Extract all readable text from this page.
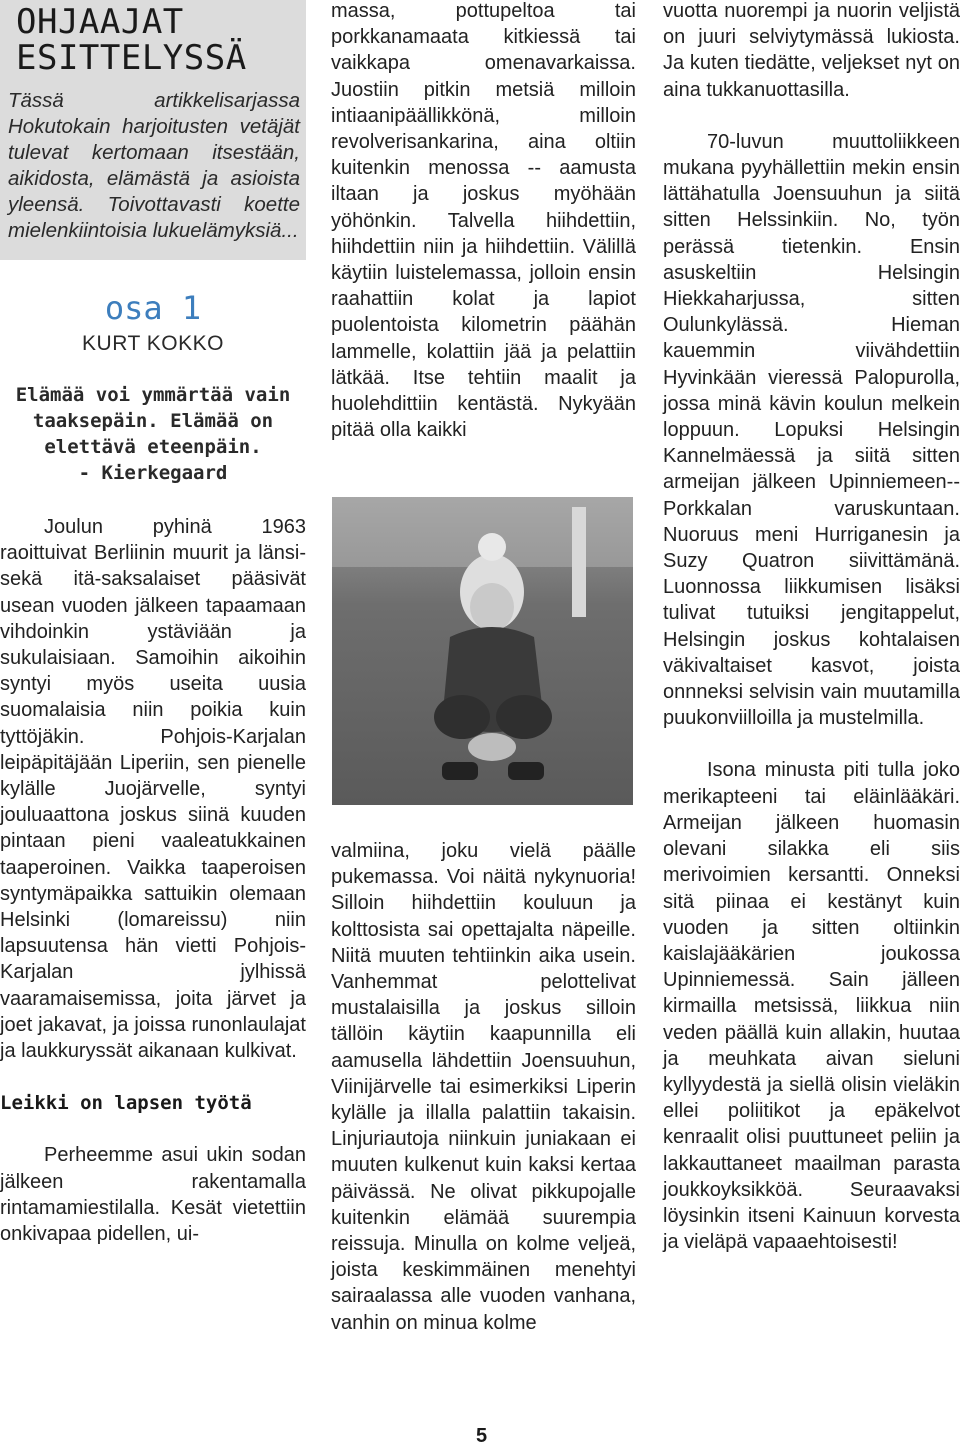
OHJAAJAT
ESITTELYSSÄ

Tässä artikkelisarjassa Hokutokain harjoitusten vetäjät tulevat kertomaan itsestään, aikidosta, elämästä ja asioista yleensä. Toivottavasti koette mielenkiintoisia lukuelämyksiä...

osa 1
KURT KOKKO
Elämää voi ymmärtää vain
taaksepäin. Elämää on
elettävä eteenpäin.
- Kierkegaard

Joulun pyhinä 1963 raoittuivat Berliinin muurit ja länsi- sekä itä-saksalaiset pääsivät usean vuoden jälkeen tapaamaan vihdoinkin ystäviään ja sukulaisiaan. Samoihin aikoihin syntyi myös useita uusia suomalaisia niin poikia kuin tyttöjäkin. Pohjois-Karjalan leipäpitäjään Liperiin, sen pienelle kylälle Juojärvelle, syntyi jouluaattona joskus siinä kuuden pintaan pieni vaaleatukkainen taaperoinen. Vaikka taaperoisen syntymäpaikka sattuikin olemaan Helsinki (lomareissu) niin lapsuutensa hän vietti Pohjois-Karjalan jylhissä vaaramaisemissa, joita järvet ja joet jakavat, ja joissa runonlaulajat ja laukkuryssät aikanaan kulkivat.

Leikki on lapsen työtä

Perheemme asui ukin sodan jälkeen rakentamalla rintamamiestilalla. Kesät vietettiin onkivapaa pidellen, ui-

massa, pottupeltoa tai porkkanamaata kitkiessä tai vaikkapa omenavarkaissa. Juostiin pitkin metsiä milloin intiaanipäällikkönä, milloin revolverisankarina, aina oltiin kuitenkin menossa -- aamusta iltaan ja joskus myöhään yöhönkin. Talvella hiihdettiin, hiihdettiin niin ja hiihdettiin. Välillä käytiin luistelemassa, jolloin ensin raahattiin kolat ja lapiot puolentoista kilometrin päähän lammelle, kolattiin jää ja pelattiin lätkää. Itse tehtiin maalit ja huolehdittiin kentästä. Nykyään pitää olla kaikki

valmiina, joku vielä päälle pukemassa. Voi näitä nykynuoria! Silloin hiihdettiin kouluun ja kolttosista sai opettajalta näpeille. Niitä muuten tehtiinkin aika usein. Vanhemmat pelottelivat mustalaisilla ja joskus silloin tällöin käytiin kaapunnilla eli aamusella lähdettiin Joensuuhun, Viinijärvelle tai esimerkiksi Liperin kylälle ja illalla palattiin takaisin. Linjuriautoja niinkuin juniakaan ei muuten kulkenut kuin kaksi kertaa päivässä. Ne olivat pikkupojalle kuitenkin elämää suurempia reissuja. Minulla on kolme veljeä, joista keskimmäinen menehtyi sairaalassa alle vuoden vanhana, vanhin on minua kolme

vuotta nuorempi ja nuorin veljistä on juuri selviytymässä lukiosta. Ja kuten tiedätte, veljekset nyt on aina tukkanuottasilla.

70-luvun muuttoliikkeen mukana pyyhällettiin mekin ensin lättähatulla Joensuuhun ja siitä sitten Helssinkiin. No, työn perässä tietenkin. Ensin asuskeltiin Helsingin Hiekkaharjussa, sitten Oulunkylässä. Hieman kauemmin viivähdettiin Hyvinkään vieressä Palopurolla, jossa minä kävin koulun melkein loppuun. Lopuksi Helsingin Kannelmäessä ja siitä sitten armeijan jälkeen Upinniemeen-- Porkkalan varuskuntaan. Nuoruus meni Hurriganesin ja Suzy Quatron siivittämänä. Luonnossa liikkumisen lisäksi tulivat tutuiksi jengitappelut, Helsingin joskus kohtalaisen väkivaltaiset kasvot, joista onnneksi selvisin vain muutamilla puukonviilloilla ja mustelmilla.

Isona minusta piti tulla joko merikapteeni tai eläinlääkäri. Armeijan jälkeen huomasin olevani silakka eli siis merivoimien kersantti. Onneksi sitä piinaa ei kestänyt kuin vuoden ja sitten oltiinkin kaislajääkärien joukossa Upinniemessä. Sain jälleen kirmailla metsissä, liikkua niin veden päällä kuin allakin, huutaa ja meuhkata aivan sieluni kyllyydestä ja siellä olisin vieläkin ellei poliitikot ja epäkelvot kenraalit olisi puuttuneet peliin ja lakkauttaneet maailman parasta joukkoyksikköä. Seuraavaksi löysinkin itseni Kainuun korvesta ja vieläpä vapaaehtoisesti!

5
